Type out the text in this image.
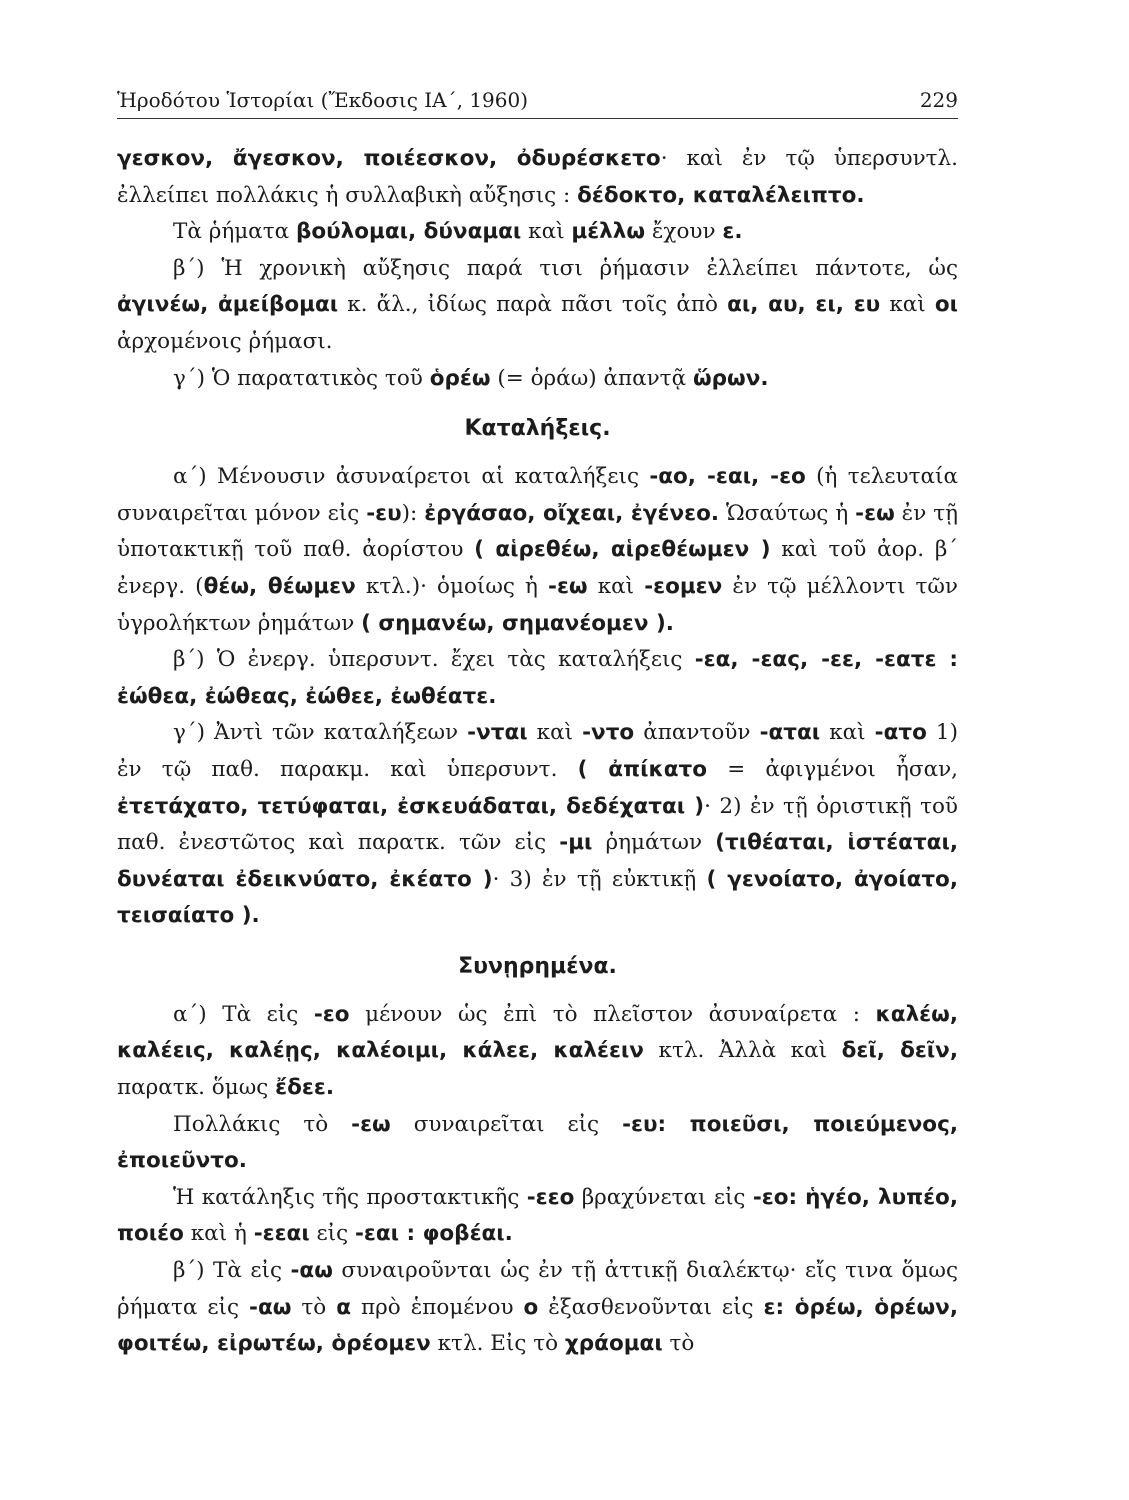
Ἡροδότου Ἱστορίαι (Ἔκδοσις ΙΑ΄, 1960)	229

γεσκον, ἄγεσκον, ποιέεσκον, ὀδυρέσκετο· καὶ ἐν τῷ ὑπερσυντλ. ἐλλείπει πολλάκις ἡ συλλαβικὴ αὔξησις : δέδοκτο, καταλέλειπτο.

Τὰ ῥήματα βούλομαι, δύναμαι καὶ μέλλω ἔχουν ε.

β΄) Ἡ χρονικὴ αὔξησις παρά τισι ῥήμασιν ἐλλείπει πάντοτε, ὡς ἀγινέω, ἀμείβομαι κ. ἄλ., ἰδίως παρὰ πᾶσι τοῖς ἀπὸ αι, αυ, ει, ευ καὶ οι ἀρχομένοις ῥήμασι.

γ΄) Ὁ παρατατικὸς τοῦ ὁρέω (= ὁράω) ἀπαντᾷ ὥρων.

Καταλήξεις.

α΄) Μένουσιν ἀσυναίρετοι αἱ καταλήξεις -αο, -εαι, -εο (ἡ τελευταία συναιρεῖται μόνον εἰς -ευ): ἐργάσαο, οἴχεαι, ἐγένεο. Ὡσαύτως ἡ -εω ἐν τῇ ὑποτακτικῇ τοῦ παθ. ἀορίστου ( αἱρεθέω, αἱρεθέωμεν ) καὶ τοῦ ἀορ. β΄ ἐνεργ. (θέω, θέωμεν κτλ.)· ὁμοίως ἡ -εω καὶ -εομεν ἐν τῷ μέλλοντι τῶν ὑγρολήκτων ῥημάτων ( σημανέω, σημανέομεν ).

β΄) Ὁ ἐνεργ. ὑπερσυντ. ἔχει τὰς καταλήξεις -εα, -εας, -εε, -εατε : ἐώθεα, ἐώθεας, ἐώθεε, ἐωθέατε.

γ΄) Ἀντὶ τῶν καταλήξεων -νται καὶ -ντο ἀπαντοῦν -αται καὶ -ατο 1) ἐν τῷ παθ. παρακμ. καὶ ὑπερσυντ. ( ἀπίκατο = ἀφιγμένοι ἦσαν, ἐτετάχατο, τετύφαται, ἐσκευάδαται, δεδέχαται )· 2) ἐν τῇ ὁριστικῇ τοῦ παθ. ἐνεστῶτος καὶ παρατκ. τῶν εἰς -μι ῥημάτων (τιθέαται, ἱστέαται, δυνέαται ἐδεικνύατο, ἐκέατο )· 3) ἐν τῇ εὐκτικῇ ( γενοίατο, ἀγοίατο, τεισαίατο ).

Συνῃρημένα.

α΄) Τὰ εἰς -εο μένουν ὡς ἐπὶ τὸ πλεῖστον ἀσυναίρετα : καλέω, καλέεις, καλέῃς, καλέοιμι, κάλεε, καλέειν κτλ. Ἀλλὰ καὶ δεῖ, δεῖν, παρατκ. ὅμως ἔδεε.

Πολλάκις τὸ -εω συναιρεῖται εἰς -ευ: ποιεῦσι, ποιεύμενος, ἐποιεῦντο.

Ἡ κατάληξις τῆς προστακτικῆς -εεο βραχύνεται εἰς -εο: ἡγέο, λυπέο, ποιέο καὶ ἡ -εεαι εἰς -εαι : φοβέαι.

β΄) Τὰ εἰς -αω συναιροῦνται ὡς ἐν τῇ ἀττικῇ διαλέκτῳ· εἴς τινα ὅμως ῥήματα εἰς -αω τὸ α πρὸ ἑπομένου ο ἐξασθενοῦνται εἰς ε: ὁρέω, ὁρέων, φοιτέω, εἰρωτέω, ὁρέομεν κτλ. Εἰς τὸ χράομαι τὸ
